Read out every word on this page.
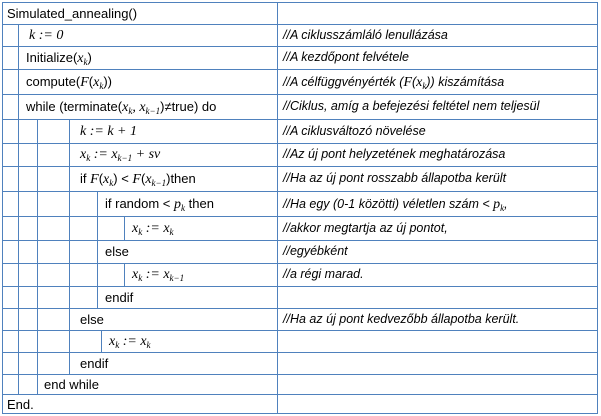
Simulated_annealing()
k := 0	//A ciklusszámláló lenullázása
$Initialize(x_k)$	//A kezdőpont felvétele
$compute(F(x_k))$	//A célfüggvényérték $(F(x_k))$ kiszámítása
while ($terminate(x_k$, $x_{k-1})\ne true$) do	//Ciklus, amíg a befejezési feltétel nem teljesül
k := k + 1	//A ciklusváltozó növelése
$x_k$ := $x_{k-1}$ + sv	//Az új pont helyzetének meghatározása
if $F(x_k)$ < $F(x_{k-1})then$	//Ha az új pont rosszabb állapotba került
if random < $p_k$ then	//Ha egy (0-1 közötti) véletlen szám < $p_k$,
$x_k$ := $x_k$	//akkor megtartja az új pontot,
else	//egyébként
$x_k$ := $x_{k-1}$	//a régi marad.
endif
else	//Ha az új pont kedvezőbb állapotba került.
$x_k$ := $x_k$
endif
end while
End.
